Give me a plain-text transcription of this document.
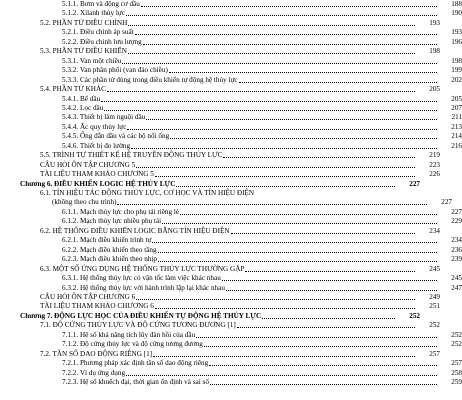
5.1.1. Bơm và động cơ dầu	188
5.1.2. Xilanh thủy lực	190
5.2. PHẦN TỬ ĐIỀU CHỈNH	193
5.2.1. Điều chỉnh áp suất	193
5.2.2. Điều chỉnh lưu lượng	196
5.3. PHẦN TỬ ĐIỀU KHIỂN	198
5.3.1. Van một chiều	198
5.3.2. Van phân phối (van đảo chiều)	199
5.3.3. Các phần tử dùng trong điều khiển tự động hệ thủy lực	202
5.4. PHẦN TỬ KHÁC	205
5.4.1. Bể dầu	205
5.4.2. Lọc dầu	207
5.4.3. Thiết bị làm nguội dầu	211
5.4.4. Ắc quy thủy lực	213
5.4.5. Ống dẫn dầu và các bộ nối ống	214
5.4.6. Thiết bị đo lường	216
5.5. TRÌNH TỰ THIẾT KẾ HỆ TRUYỀN ĐỘNG THỦY LỰC	219
CÂU HỎI ÔN TẬP CHƯƠNG 5	223
TÀI LIỆU THAM KHẢO CHƯƠNG 5	226
Chương 6. ĐIỀU KHIỂN LOGIC HỆ THỦY LỰC	227
6.1. TÍN HIỆU TÁC ĐỘNG THỦY LỰC, CƠ HỌC VÀ TÍN HIỆU ĐIỆN
(không theo chu trình)	227
6.1.1. Mạch thủy lực cho phụ tải riêng lẻ	227
6.1.2. Mạch thủy lực nhiều phụ tải	229
6.2. HỆ THỐNG ĐIỀU KHIỂN LOGIC BẰNG TÍN HIỆU ĐIỆN	234
6.2.1. Mạch điều khiển trình tự	234
6.2.2. Mạch điều khiển theo tầng	236
6.2.3. Mạch điều khiển theo nhịp	239
6.3. MỘT SỐ ỨNG DỤNG HỆ THỐNG THỦY LỰC THƯỜNG GẶP	245
6.3.1. Hệ thống thủy lực có vận tốc làm việc khác nhau	245
6.3.2. Hệ thống thủy lực với hành trình lặp lại khác nhau	247
CÂU HỎI ÔN TẬP CHƯƠNG 6	249
TÀI LIỆU THAM KHẢO CHƯƠNG 6	251
Chương 7. ĐỘNG LỰC HỌC CỦA ĐIỀU KHIỂN TỰ ĐỘNG HỆ THỦY LỰC	252
7.1. ĐỘ CỨNG THỦY LỰC VÀ ĐỘ CỨNG TƯƠNG ĐƯƠNG [1]	252
7.1.1. Hệ số khả năng tích lũy đàn hồi của dầu	252
7.1.2. Độ cứng thủy lực và độ cứng tương đương	252
7.2. TẦN SỐ DAO ĐỘNG RIÊNG [1]	257
7.2.1. Phương pháp xác định tần số dao động riêng	257
7.2.2. Ví dụ ứng dụng	258
7.2.3. Hệ số khuếch đại, thời gian ổn định và sai số	259
